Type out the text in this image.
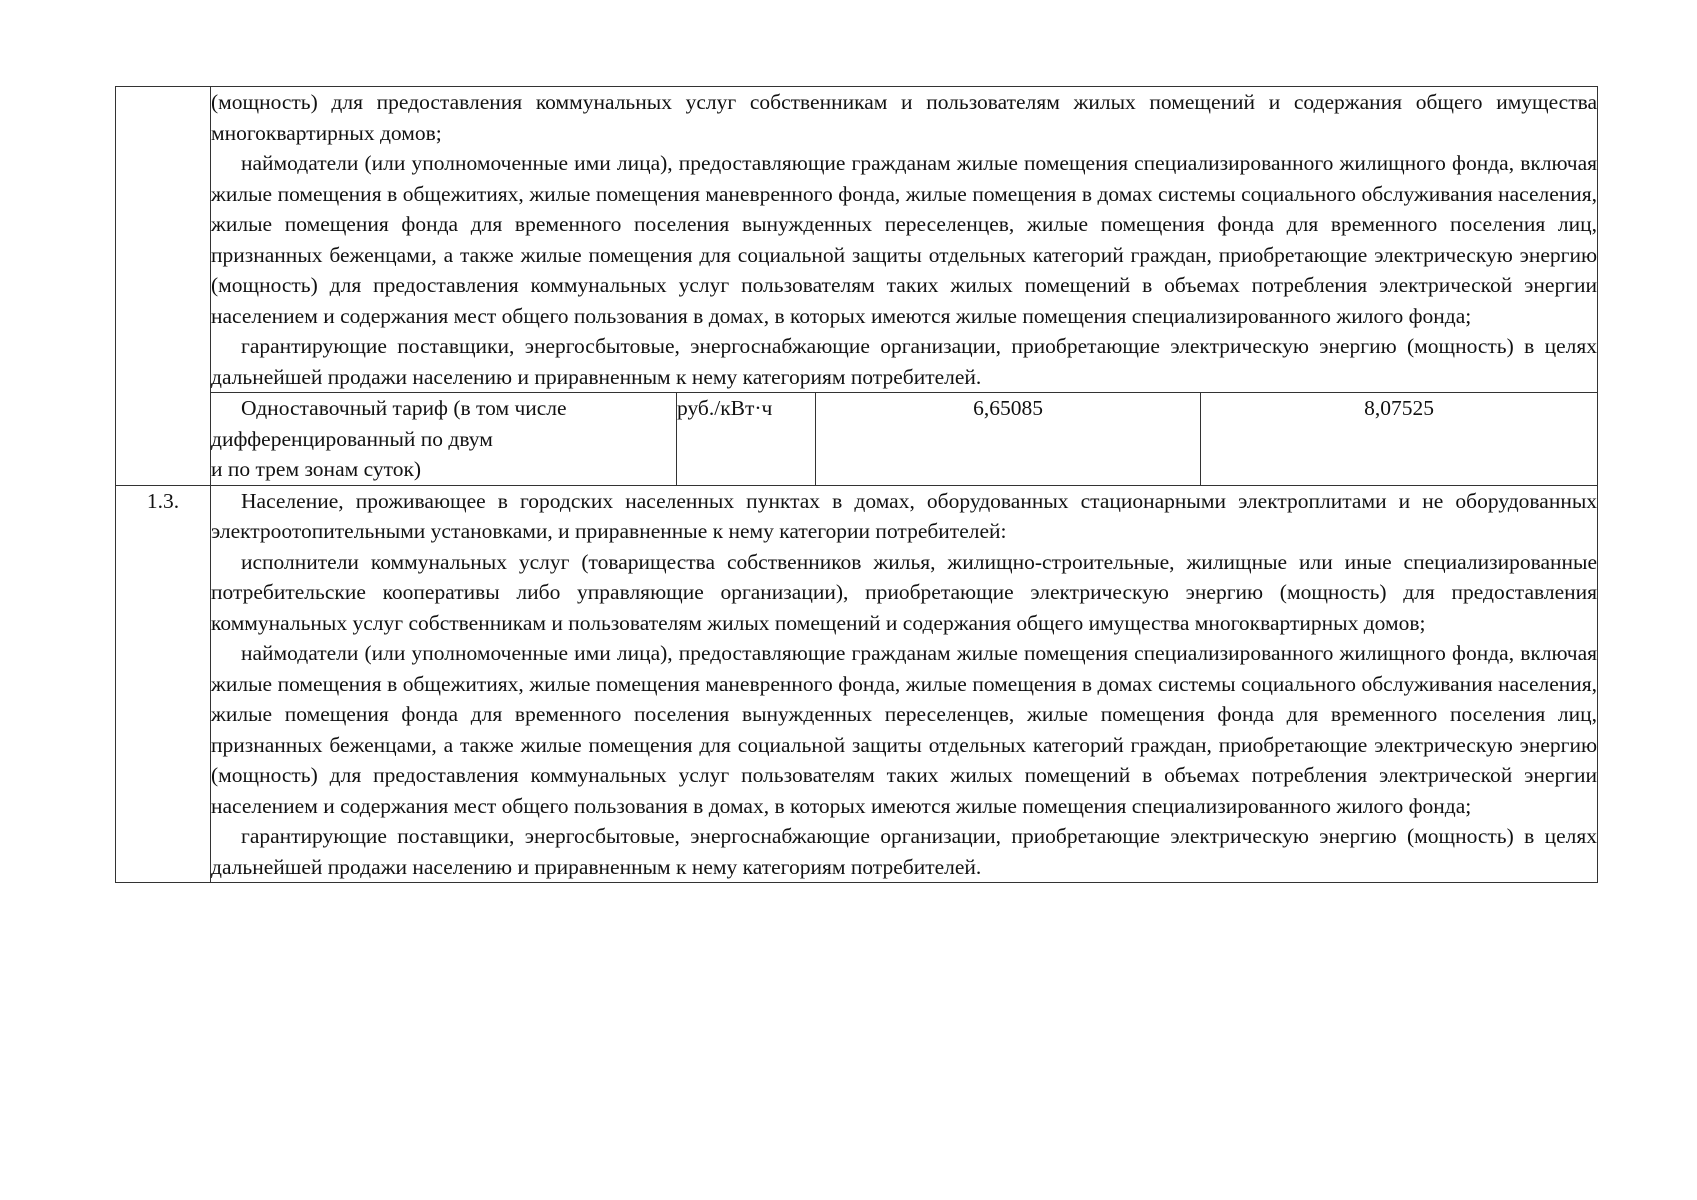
	(мощность) для предоставления коммунальных услуг собственникам и пользователям жилых помещений и содержания общего имущества многоквартирных домов;

наймодатели (или уполномоченные ими лица), предоставляющие гражданам жилые помещения специализированного жилищного фонда, включая жилые помещения в общежитиях, жилые помещения маневренного фонда, жилые помещения в домах системы социального обслуживания населения, жилые помещения фонда для временного поселения вынужденных переселенцев, жилые помещения фонда для временного поселения лиц, признанных беженцами, а также жилые помещения для социальной защиты отдельных категорий граждан, приобретающие электрическую энергию (мощность) для предоставления коммунальных услуг пользователям таких жилых помещений в объемах потребления электрической энергии населением и содержания мест общего пользования в домах, в которых имеются жилые помещения специализированного жилого фонда;

гарантирующие поставщики, энергосбытовые, энергоснабжающие организации, приобретающие электрическую энергию (мощность) в целях дальнейшей продажи населению и приравненным к нему категориям потребителей.			

	Одноставочный тариф (в том числе

дифференцированный по двум
и по трем зонам суток)	руб./кВт·ч	6,65085	8,07525
1.3.	Население, проживающее в городских населенных пунктах в домах, оборудованных стационарными электроплитами и не оборудованных электроотопительными установками, и приравненные к нему категории потребителей:

исполнители коммунальных услуг (товарищества собственников жилья, жилищно-строительные, жилищные или иные специализированные потребительские кооперативы либо управляющие организации), приобретающие электрическую энергию (мощность) для предоставления коммунальных услуг собственникам и пользователям жилых помещений и содержания общего имущества многоквартирных домов;

наймодатели (или уполномоченные ими лица), предоставляющие гражданам жилые помещения специализированного жилищного фонда, включая жилые помещения в общежитиях, жилые помещения маневренного фонда, жилые помещения в домах системы социального обслуживания населения, жилые помещения фонда для временного поселения вынужденных переселенцев, жилые помещения фонда для временного поселения лиц, признанных беженцами, а также жилые помещения для социальной защиты отдельных категорий граждан, приобретающие электрическую энергию (мощность) для предоставления коммунальных услуг пользователям таких жилых помещений в объемах потребления электрической энергии населением и содержания мест общего пользования в домах, в которых имеются жилые помещения специализированного жилого фонда;

гарантирующие поставщики, энергосбытовые, энергоснабжающие организации, приобретающие электрическую энергию (мощность) в целях дальнейшей продажи населению и приравненным к нему категориям потребителей.			
